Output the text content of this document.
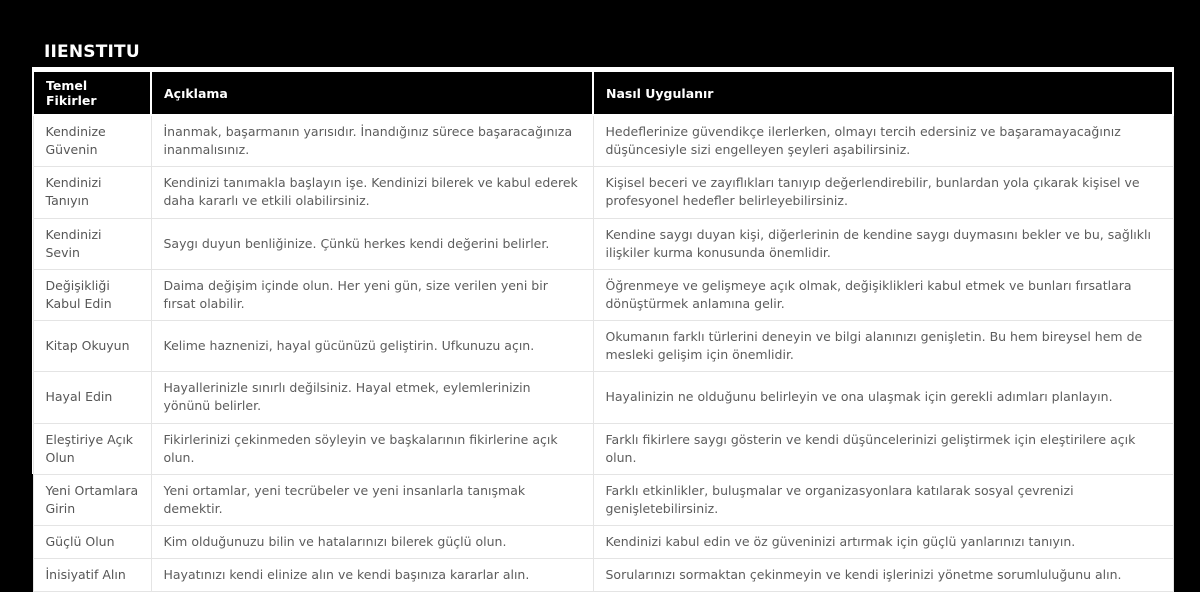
IIENSTITU
Temel Fikirler	Açıklama	Nasıl Uygulanır
Kendinize Güvenin	İnanmak, başarmanın yarısıdır. İnandığınız sürece başaracağınıza inanmalısınız.	Hedeflerinize güvendikçe ilerlerken, olmayı tercih edersiniz ve başaramayacağınız düşüncesiyle sizi engelleyen şeyleri aşabilirsiniz.
Kendinizi Tanıyın	Kendinizi tanımakla başlayın işe. Kendinizi bilerek ve kabul ederek daha kararlı ve etkili olabilirsiniz.	Kişisel beceri ve zayıflıkları tanıyıp değerlendirebilir, bunlardan yola çıkarak kişisel ve profesyonel hedefler belirleyebilirsiniz.
Kendinizi Sevin	Saygı duyun benliğinize. Çünkü herkes kendi değerini belirler.	Kendine saygı duyan kişi, diğerlerinin de kendine saygı duymasını bekler ve bu, sağlıklı ilişkiler kurma konusunda önemlidir.
Değişikliği Kabul Edin	Daima değişim içinde olun. Her yeni gün, size verilen yeni bir fırsat olabilir.	Öğrenmeye ve gelişmeye açık olmak, değişiklikleri kabul etmek ve bunları fırsatlara dönüştürmek anlamına gelir.
Kitap Okuyun	Kelime haznenizi, hayal gücünüzü geliştirin. Ufkunuzu açın.	Okumanın farklı türlerini deneyin ve bilgi alanınızı genişletin. Bu hem bireysel hem de mesleki gelişim için önemlidir.
Hayal Edin	Hayallerinizle sınırlı değilsiniz. Hayal etmek, eylemlerinizin yönünü belirler.	Hayalinizin ne olduğunu belirleyin ve ona ulaşmak için gerekli adımları planlayın.
Eleştiriye Açık Olun	Fikirlerinizi çekinmeden söyleyin ve başkalarının fikirlerine açık olun.	Farklı fikirlere saygı gösterin ve kendi düşüncelerinizi geliştirmek için eleştirilere açık olun.
Yeni Ortamlara Girin	Yeni ortamlar, yeni tecrübeler ve yeni insanlarla tanışmak demektir.	Farklı etkinlikler, buluşmalar ve organizasyonlara katılarak sosyal çevrenizi genişletebilirsiniz.
Güçlü Olun	Kim olduğunuzu bilin ve hatalarınızı bilerek güçlü olun.	Kendinizi kabul edin ve öz güveninizi artırmak için güçlü yanlarınızı tanıyın.
İnisiyatif Alın	Hayatınızı kendi elinize alın ve kendi başınıza kararlar alın.	Sorularınızı sormaktan çekinmeyin ve kendi işlerinizi yönetme sorumluluğunu alın.
